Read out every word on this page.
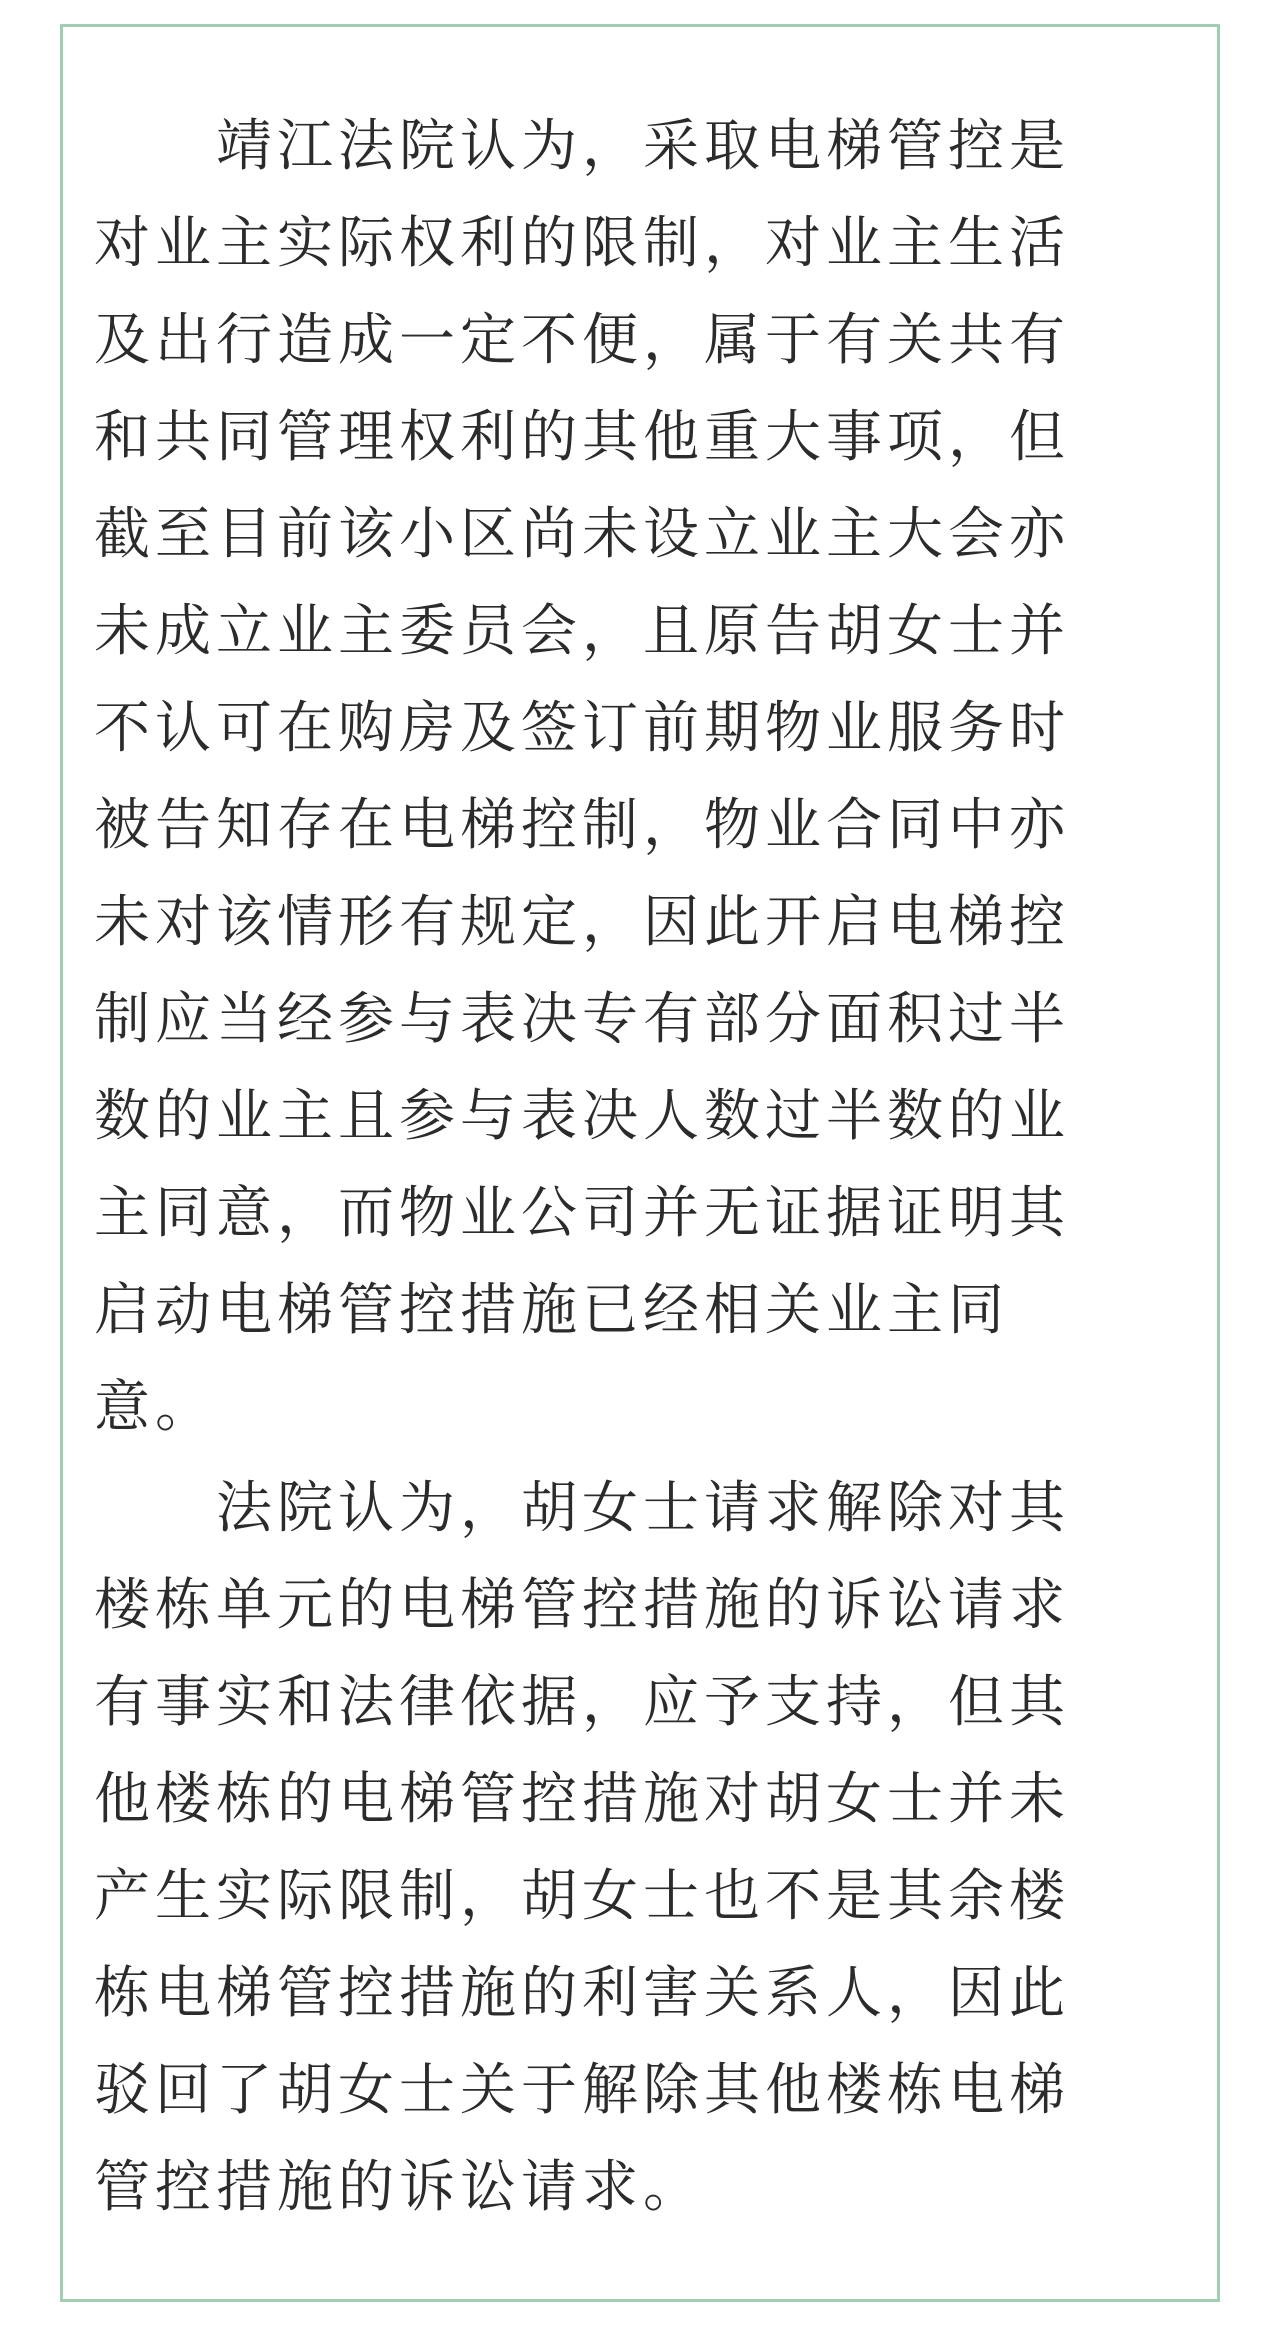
　　靖江法院认为，采取电梯管控是
对业主实际权利的限制，对业主生活
及出行造成一定不便，属于有关共有
和共同管理权利的其他重大事项，但
截至目前该小区尚未设立业主大会亦
未成立业主委员会，且原告胡女士并
不认可在购房及签订前期物业服务时
被告知存在电梯控制，物业合同中亦
未对该情形有规定，因此开启电梯控
制应当经参与表决专有部分面积过半
数的业主且参与表决人数过半数的业
主同意，而物业公司并无证据证明其
启动电梯管控措施已经相关业主同
意。
　　法院认为，胡女士请求解除对其
楼栋单元的电梯管控措施的诉讼请求
有事实和法律依据，应予支持，但其
他楼栋的电梯管控措施对胡女士并未
产生实际限制，胡女士也不是其余楼
栋电梯管控措施的利害关系人，因此
驳回了胡女士关于解除其他楼栋电梯
管控措施的诉讼请求。
